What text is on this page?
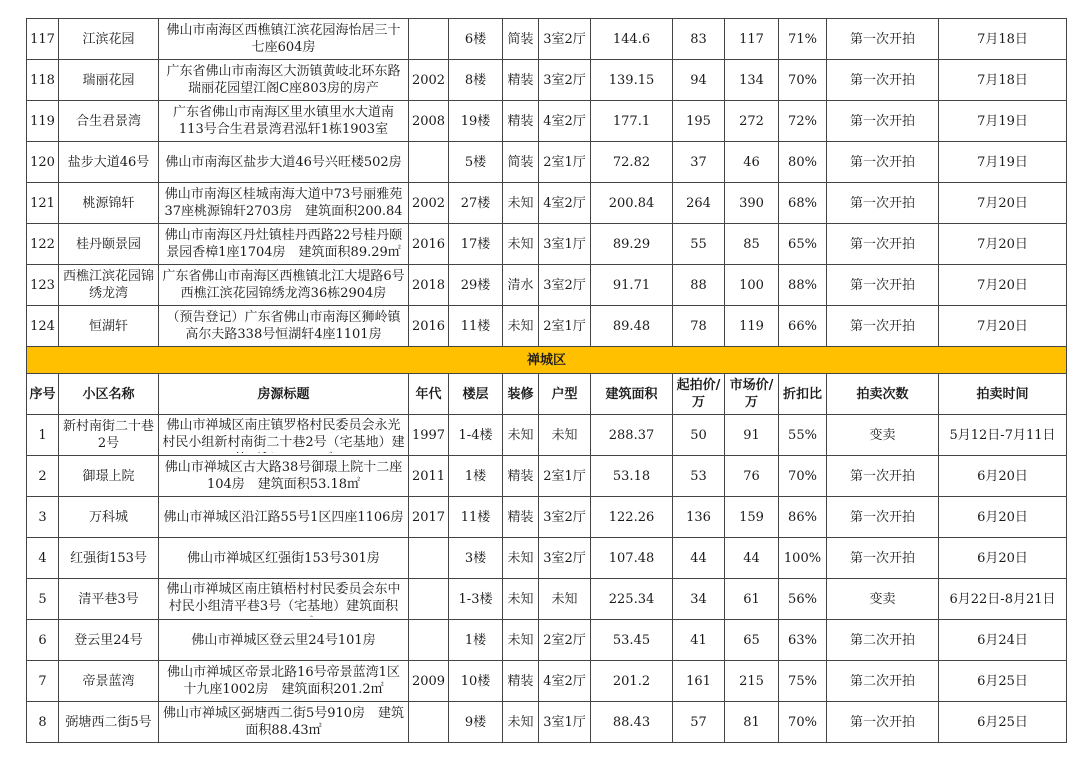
117	江滨花园	佛山市南海区西樵镇江滨花园海怡居三十七座604房		6楼	简装	3室2厅	144.6	83	117	71%	第一次开拍	7月18日
118	瑞丽花园	广东省佛山市南海区大沥镇黄岐北环东路瑞丽花园望江阁C座803房的房产	2002	8楼	精装	3室2厅	139.15	94	134	70%	第一次开拍	7月18日
119	合生君景湾	广东省佛山市南海区里水镇里水大道南113号合生君景湾君泓轩1栋1903室	2008	19楼	精装	4室2厅	177.1	195	272	72%	第一次开拍	7月19日
120	盐步大道46号	佛山市南海区盐步大道46号兴旺楼502房		5楼	简装	2室1厅	72.82	37	46	80%	第一次开拍	7月19日
121	桃源锦轩	佛山市南海区桂城南海大道中73号丽雅苑37座桃源锦轩2703房　建筑面积200.84	2002	27楼	未知	4室2厅	200.84	264	390	68%	第一次开拍	7月20日
122	桂丹颐景园	佛山市南海区丹灶镇桂丹西路22号桂丹颐景园香樟1座1704房　建筑面积89.29㎡	2016	17楼	未知	3室1厅	89.29	55	85	65%	第一次开拍	7月20日
123	西樵江滨花园锦绣龙湾	广东省佛山市南海区西樵镇北江大堤路6号西樵江滨花园锦绣龙湾36栋2904房	2018	29楼	清水	3室2厅	91.71	88	100	88%	第一次开拍	7月20日
124	恒湖轩	（预告登记）广东省佛山市南海区狮岭镇高尔夫路338号恒湖轩4座1101房	2016	11楼	未知	2室1厅	89.48	78	119	66%	第一次开拍	7月20日
禅城区												
序号	小区名称	房源标题	年代	楼层	装修	户型	建筑面积	起拍价/万	市场价/万	折扣比	拍卖次数	拍卖时间
1	新村南街二十巷2号	佛山市禅城区南庄镇罗格村民委员会永光村民小组新村南街二十巷2号（宅基地）建	1997	1-4楼	未知	未知	288.37	50	91	55%	变卖	5月12日-7月11日
2	御璟上院	佛山市禅城区古大路38号御璟上院十二座104房　建筑面积53.18㎡	2011	1楼	精装	2室1厅	53.18	53	76	70%	第一次开拍	6月20日
3	万科城	佛山市禅城区沿江路55号1区四座1106房	2017	11楼	精装	3室2厅	122.26	136	159	86%	第一次开拍	6月20日
4	红强街153号	佛山市禅城区红强街153号301房		3楼	未知	3室2厅	107.48	44	44	100%	第一次开拍	6月20日
5	清平巷3号	佛山市禅城区南庄镇梧村村民委员会东中村民小组清平巷3号（宅基地）建筑面积		1-3楼	未知	未知	225.34	34	61	56%	变卖	6月22日-8月21日
6	登云里24号	佛山市禅城区登云里24号101房		1楼	未知	2室2厅	53.45	41	65	63%	第二次开拍	6月24日
7	帝景蓝湾	佛山市禅城区帝景北路16号帝景蓝湾1区十九座1002房　建筑面积201.2㎡	2009	10楼	精装	4室2厅	201.2	161	215	75%	第二次开拍	6月25日
8	弼塘西二街5号	佛山市禅城区弼塘西二街5号910房　建筑面积88.43㎡		9楼	未知	3室1厅	88.43	57	81	70%	第一次开拍	6月25日
